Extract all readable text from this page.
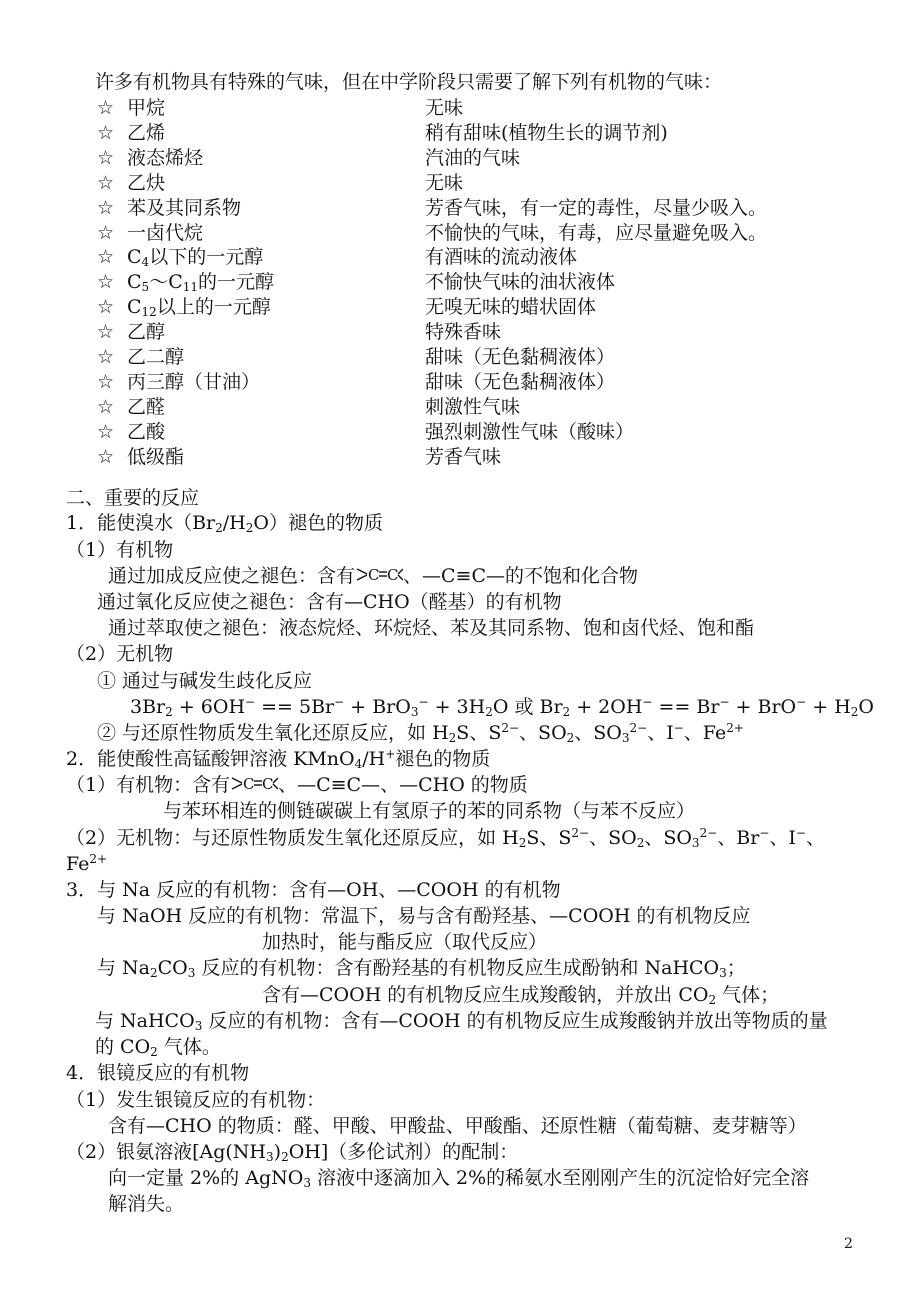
许多有机物具有特殊的气味，但在中学阶段只需要了解下列有机物的气味：
☆ 甲烷	无味
☆ 乙烯	稍有甜味(植物生长的调节剂)
☆ 液态烯烃	汽油的气味
☆ 乙炔	无味
☆ 苯及其同系物	芳香气味，有一定的毒性，尽量少吸入。
☆ 一卤代烷	不愉快的气味，有毒，应尽量避免吸入。
☆ $C_4$以下的一元醇	有酒味的流动液体
☆ $C_5\sim C_{11}$的一元醇	不愉快气味的油状液体
☆ $C_{12}$以上的一元醇	无嗅无味的蜡状固体
☆ 乙醇	特殊香味
☆ 乙二醇	甜味（无色黏稠液体）
☆ 丙三醇（甘油）	甜味（无色黏稠液体）
☆ 乙醛	刺激性气味
☆ 乙酸	强烈刺激性气味（酸味）
☆ 低级酯	芳香气味
二、重要的反应
1．能使溴水$(Br_2/H_2O)$褪色的物质
（1）有机物
通过加成反应使之褪色：含有	、—C≡C—的不饱和化合物
通过氧化反应使之褪色：含有—CHO（醛基）的有机物
通过萃取使之褪色：液态烷烃、环烷烃、苯及其同系物、饱和卤代烃、饱和酯
（2）无机物
① 通过与碱发生歧化反应
$3Br_2 + 6OH^- == 5Br^- + BrO_3^- + 3H_2O$ 或 $Br_2 + 2OH^- == Br^- + BrO^- + H_2O$
② 与还原性物质发生氧化还原反应，如 $H_2S$、$S^{2-}$、$SO_2$、$SO_3^{2-}$、I−、$Fe^{2+}$
2．能使酸性高锰酸钾溶液 KMnO$_4$/H+褪色的物质
（1）有机物：含有	、—C≡C—、—CHO 的物质
与苯环相连的侧链碳碳上有氢原子的苯的同系物（与苯不反应）
（2）无机物：与还原性物质发生氧化还原反应，如 $H_2S$、$S^{2-}$、$SO_2$、$SO_3^{2-}$、Br−、I−、
$Fe^{2+}$
3．与 Na 反应的有机物：含有—OH、—COOH 的有机物
与 NaOH 反应的有机物：常温下，易与含有酚羟基、—COOH 的有机物反应
加热时，能与酯反应（取代反应）
与 $Na_2CO_3$ 反应的有机物：含有酚羟基的有机物反应生成酚钠和 NaHCO$_3$；
含有—COOH 的有机物反应生成羧酸钠，并放出 $CO_2$ 气体；
与 NaHCO$_3$ 反应的有机物：含有—COOH 的有机物反应生成羧酸钠并放出等物质的量
的 $CO_2$ 气体。
4．银镜反应的有机物
（1）发生银镜反应的有机物：
含有—CHO 的物质：醛、甲酸、甲酸盐、甲酸酯、还原性糖（葡萄糖、麦芽糖等）
（2）银氨溶液$[Ag(NH_3)_2OH]$（多伦试剂）的配制：
向一定量 2%的 AgNO$_3$ 溶液中逐滴加入 2%的稀氨水至刚刚产生的沉淀恰好完全溶
解消失。
2
